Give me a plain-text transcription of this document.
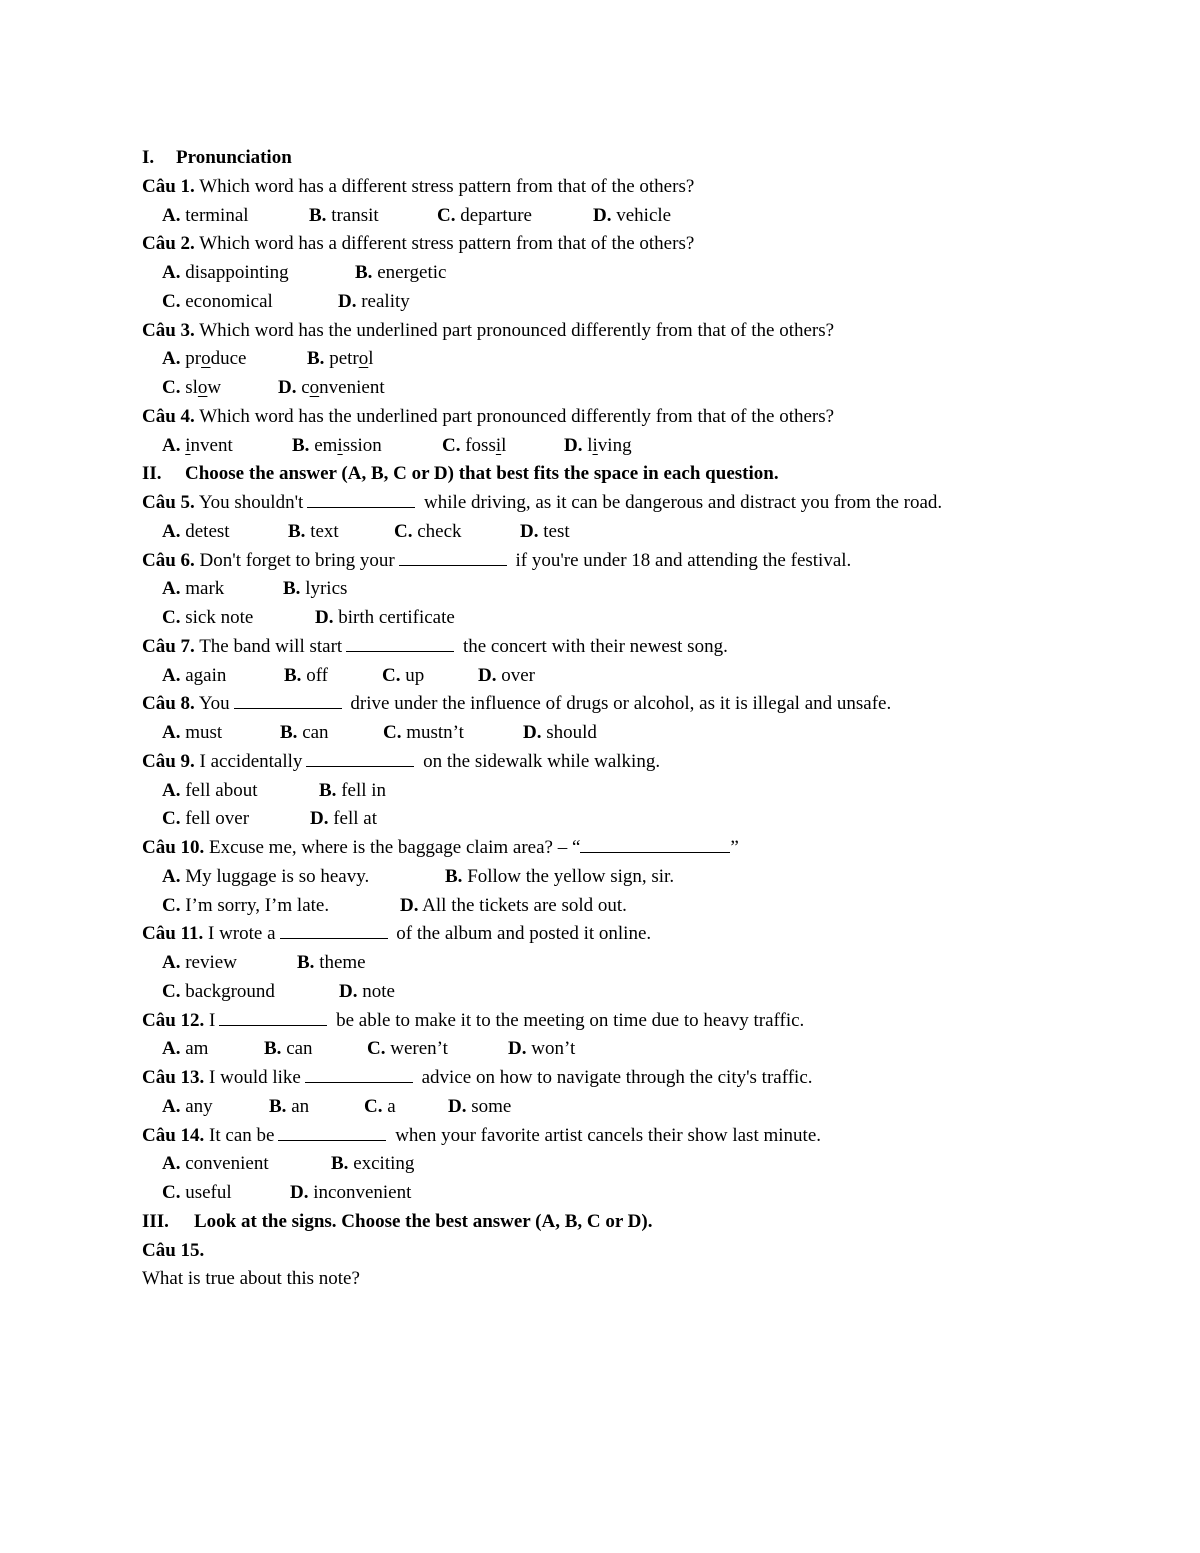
I. Pronunciation
Câu 1. Which word has a different stress pattern from that of the others?
A. terminal	B. transit	C. departure	D. vehicle
Câu 2. Which word has a different stress pattern from that of the others?
A. disappointing	B. energetic
C. economical	D. reality
Câu 3. Which word has the underlined part pronounced differently from that of the others?
A. produce	B. petrol
C. slow	D. convenient
Câu 4. Which word has the underlined part pronounced differently from that of the others?
A. invent	B. emission	C. fossil	D. living
II. Choose the answer (A, B, C or D) that best fits the space in each question.
Câu 5. You shouldn't	while driving, as it can be dangerous and distract you from the road.
A. detest	B. text	C. check	D. test
Câu 6. Don't forget to bring your	if you're under 18 and attending the festival.
A. mark	B. lyrics
C. sick note	D. birth certificate
Câu 7. The band will start	the concert with their newest song.
A. again	B. off	C. up	D. over
Câu 8. You	drive under the influence of drugs or alcohol, as it is illegal and unsafe.
A. must	B. can	C. mustn’t	D. should
Câu 9. I accidentally	on the sidewalk while walking.
A. fell about	B. fell in
C. fell over	D. fell at
Câu 10. Excuse me, where is the baggage claim area? – “	”
A. My luggage is so heavy.	B. Follow the yellow sign, sir.
C. I’m sorry, I’m late.	D. All the tickets are sold out.
Câu 11. I wrote a	of the album and posted it online.
A. review	B. theme
C. background	D. note
Câu 12. I	be able to make it to the meeting on time due to heavy traffic.
A. am	B. can	C. weren’t	D. won’t
Câu 13. I would like	advice on how to navigate through the city's traffic.
A. any	B. an	C. a	D. some
Câu 14. It can be	when your favorite artist cancels their show last minute.
A. convenient	B. exciting
C. useful	D. inconvenient
III. Look at the signs. Choose the best answer (A, B, C or D).
Câu 15.
What is true about this note?
